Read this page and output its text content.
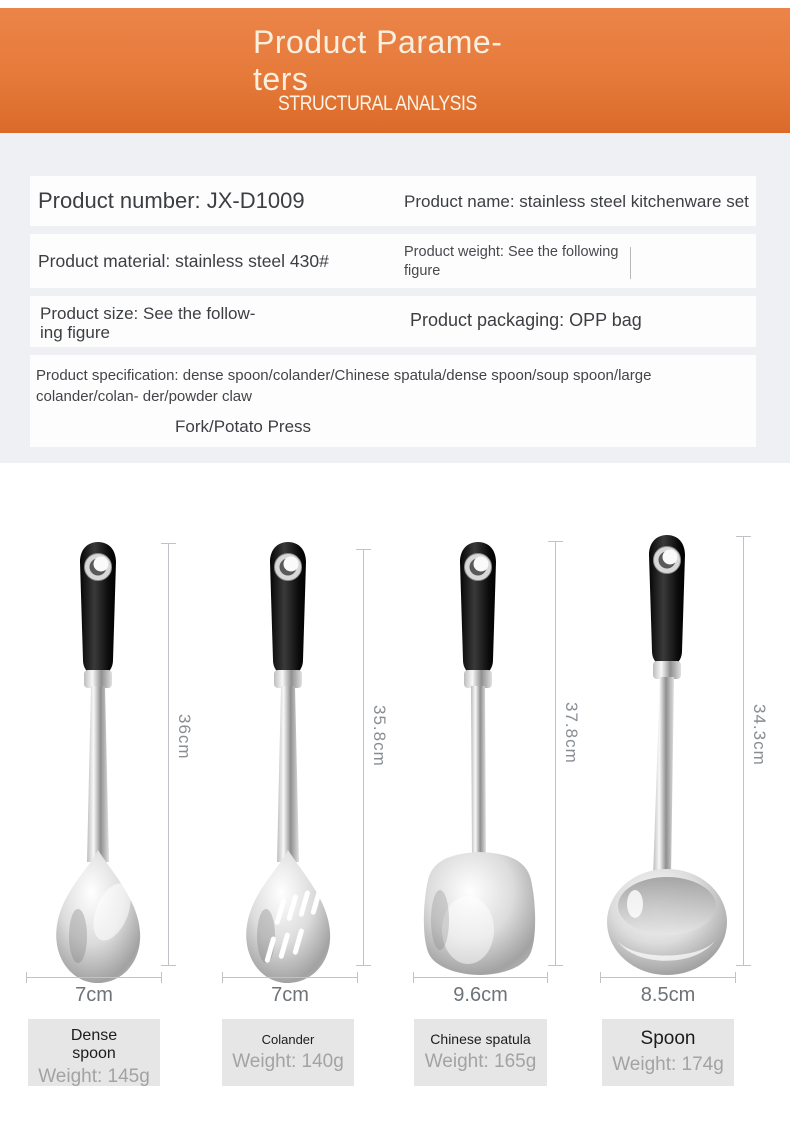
Product Parame-
ters
STRUCTURAL ANALYSIS
Product number: JX-D1009	Product name: stainless steel kitchenware set
Product material: stainless steel 430#	Product weight: See the following
figure
Product size: See the follow-
ing figure
Product packaging: OPP bag
Product specification: dense spoon/colander/Chinese spatula/dense spoon/soup spoon/large colander/colan- der/powder claw
Fork/Potato Press
36cm	35.8cm	37.8cm	34.3cm
7cm	7cm	9.6cm	8.5cm
Dense spoon
Weight: 145g
Colander
Weight: 140g
Chinese spatula
Weight: 165g
Spoon
Weight: 174g
